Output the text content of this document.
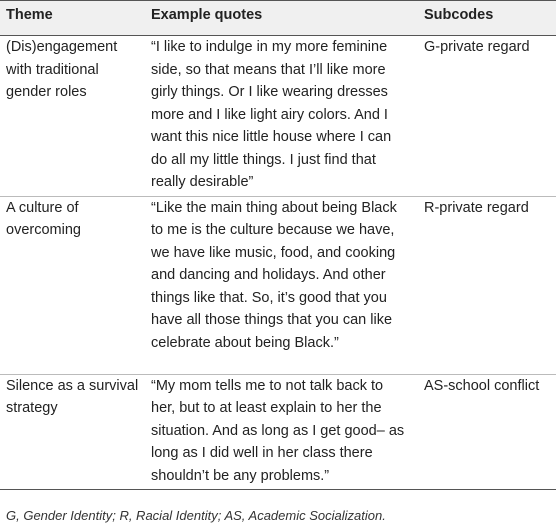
Theme	Example quotes	Subcodes
(Dis)engagement with traditional gender roles	“I like to indulge in my more feminine side, so that means that I’ll like more girly things. Or I like wearing dresses more and I like light airy colors. And I want this nice little house where I can do all my little things. I just find that really desirable”	G-private regard
A culture of overcoming	“Like the main thing about being Black to me is the culture because we have, we have like music, food, and cooking and dancing and holidays. And other things like that. So, it’s good that you have all those things that you can like celebrate about being Black.”	R-private regard
Silence as a survival strategy	“My mom tells me to not talk back to her, but to at least explain to her the situation. And as long as I get good– as long as I did well in her class there shouldn’t be any problems.”	AS-school conflict
G, Gender Identity; R, Racial Identity; AS, Academic Socialization.
